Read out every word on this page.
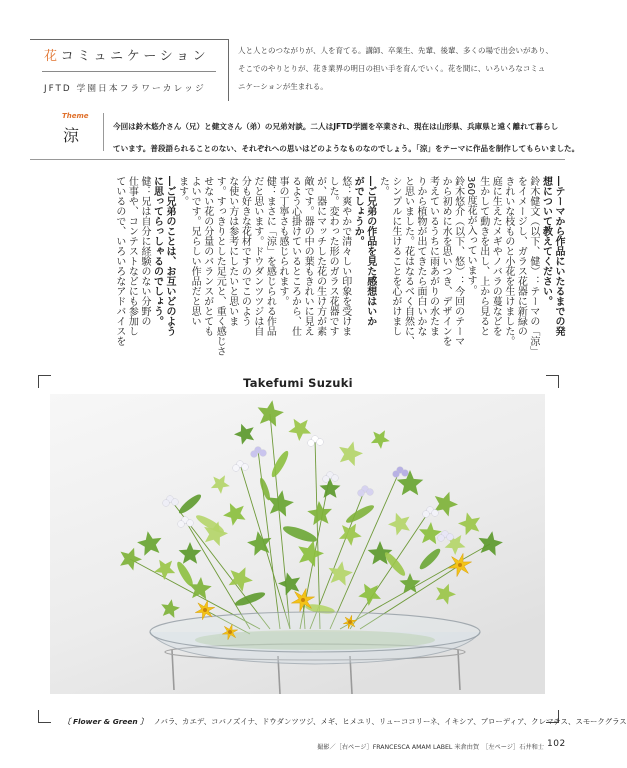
花コミュニケーション
JFTD 学園日本フラワーカレッジ
人と人とのつながりが、人を育てる。講師、卒業生、先輩、後輩、多くの場で出会いがあり、
そこでのやりとりが、花き業界の明日の担い手を育んでいく。花を間に、いろいろなコミュ
ニケーションが生まれる。
Theme
涼	今回は鈴木悠介さん（兄）と健文さん（弟）の兄弟対談。二人はJFTD学園を卒業され、現在は山形県、兵庫県と遠く離れて暮らし
ています。普段語られることのない、それぞれへの思いはどのようなものなのでしょう。「涼」をテーマに作品を制作してもらいました。
―テーマから作品にいたるまでの発
想について教えてください。
鈴木健文（以下、健）：テーマの「涼」
をイメージし、ガラス花器に新緑の
きれいな枝ものと小花を生けました。
庭に生えたメギやノバラの蔓などを
生かして動きを出し、上から見ると
360度花が入っています。
鈴木悠介（以下、悠）：今回のテーマ
から初めに水を思いつき、デザインを
考えているうちに雨あがりの水たま
りから植物が出てきたら面白いかな
と思いました。花はなるべく自然に、
シンプルに生けることを心がけまし
た。
―ご兄弟の作品を見た感想はいか
がでしょうか。
悠：爽やかで清々しい印象を受けま
した。変わった形のガラス花器です
が、器にマッチした花の生け方が素
敵です。器の中の葉もきれいに見え
るよう心掛けているところから、仕
事の丁寧さも感じられます。
健：まさに「涼」を感じられる作品
だと思います。ドウダンツツジは自
分も好きな花材ですのでこのよう
な使い方は参考にしたいと思いま
す。すっきりとした足元と、重く感じさ
せない花の分量のバランスがとても
よいです。兄らしい作品だと思い
ます。
―ご兄弟のことは、お互いどのよう
に思ってらっしゃるのでしょう。
健：兄は自分に経験のない分野の
仕事や、コンテストなどにも参加し
ているので、いろいろなアドバイスを
Takefumi Suzuki
〔 Flower & Green 〕 ノバラ、カエデ、コバノズイナ、ドウダンツツジ、メギ、ヒメユリ、リューココリーネ、イキシア、ブローディア、クレマチス、スモークグラス
撮影／［右ページ］FRANCESCA AMAM LABEL 米倉由賀　［左ページ］石井和士 102
